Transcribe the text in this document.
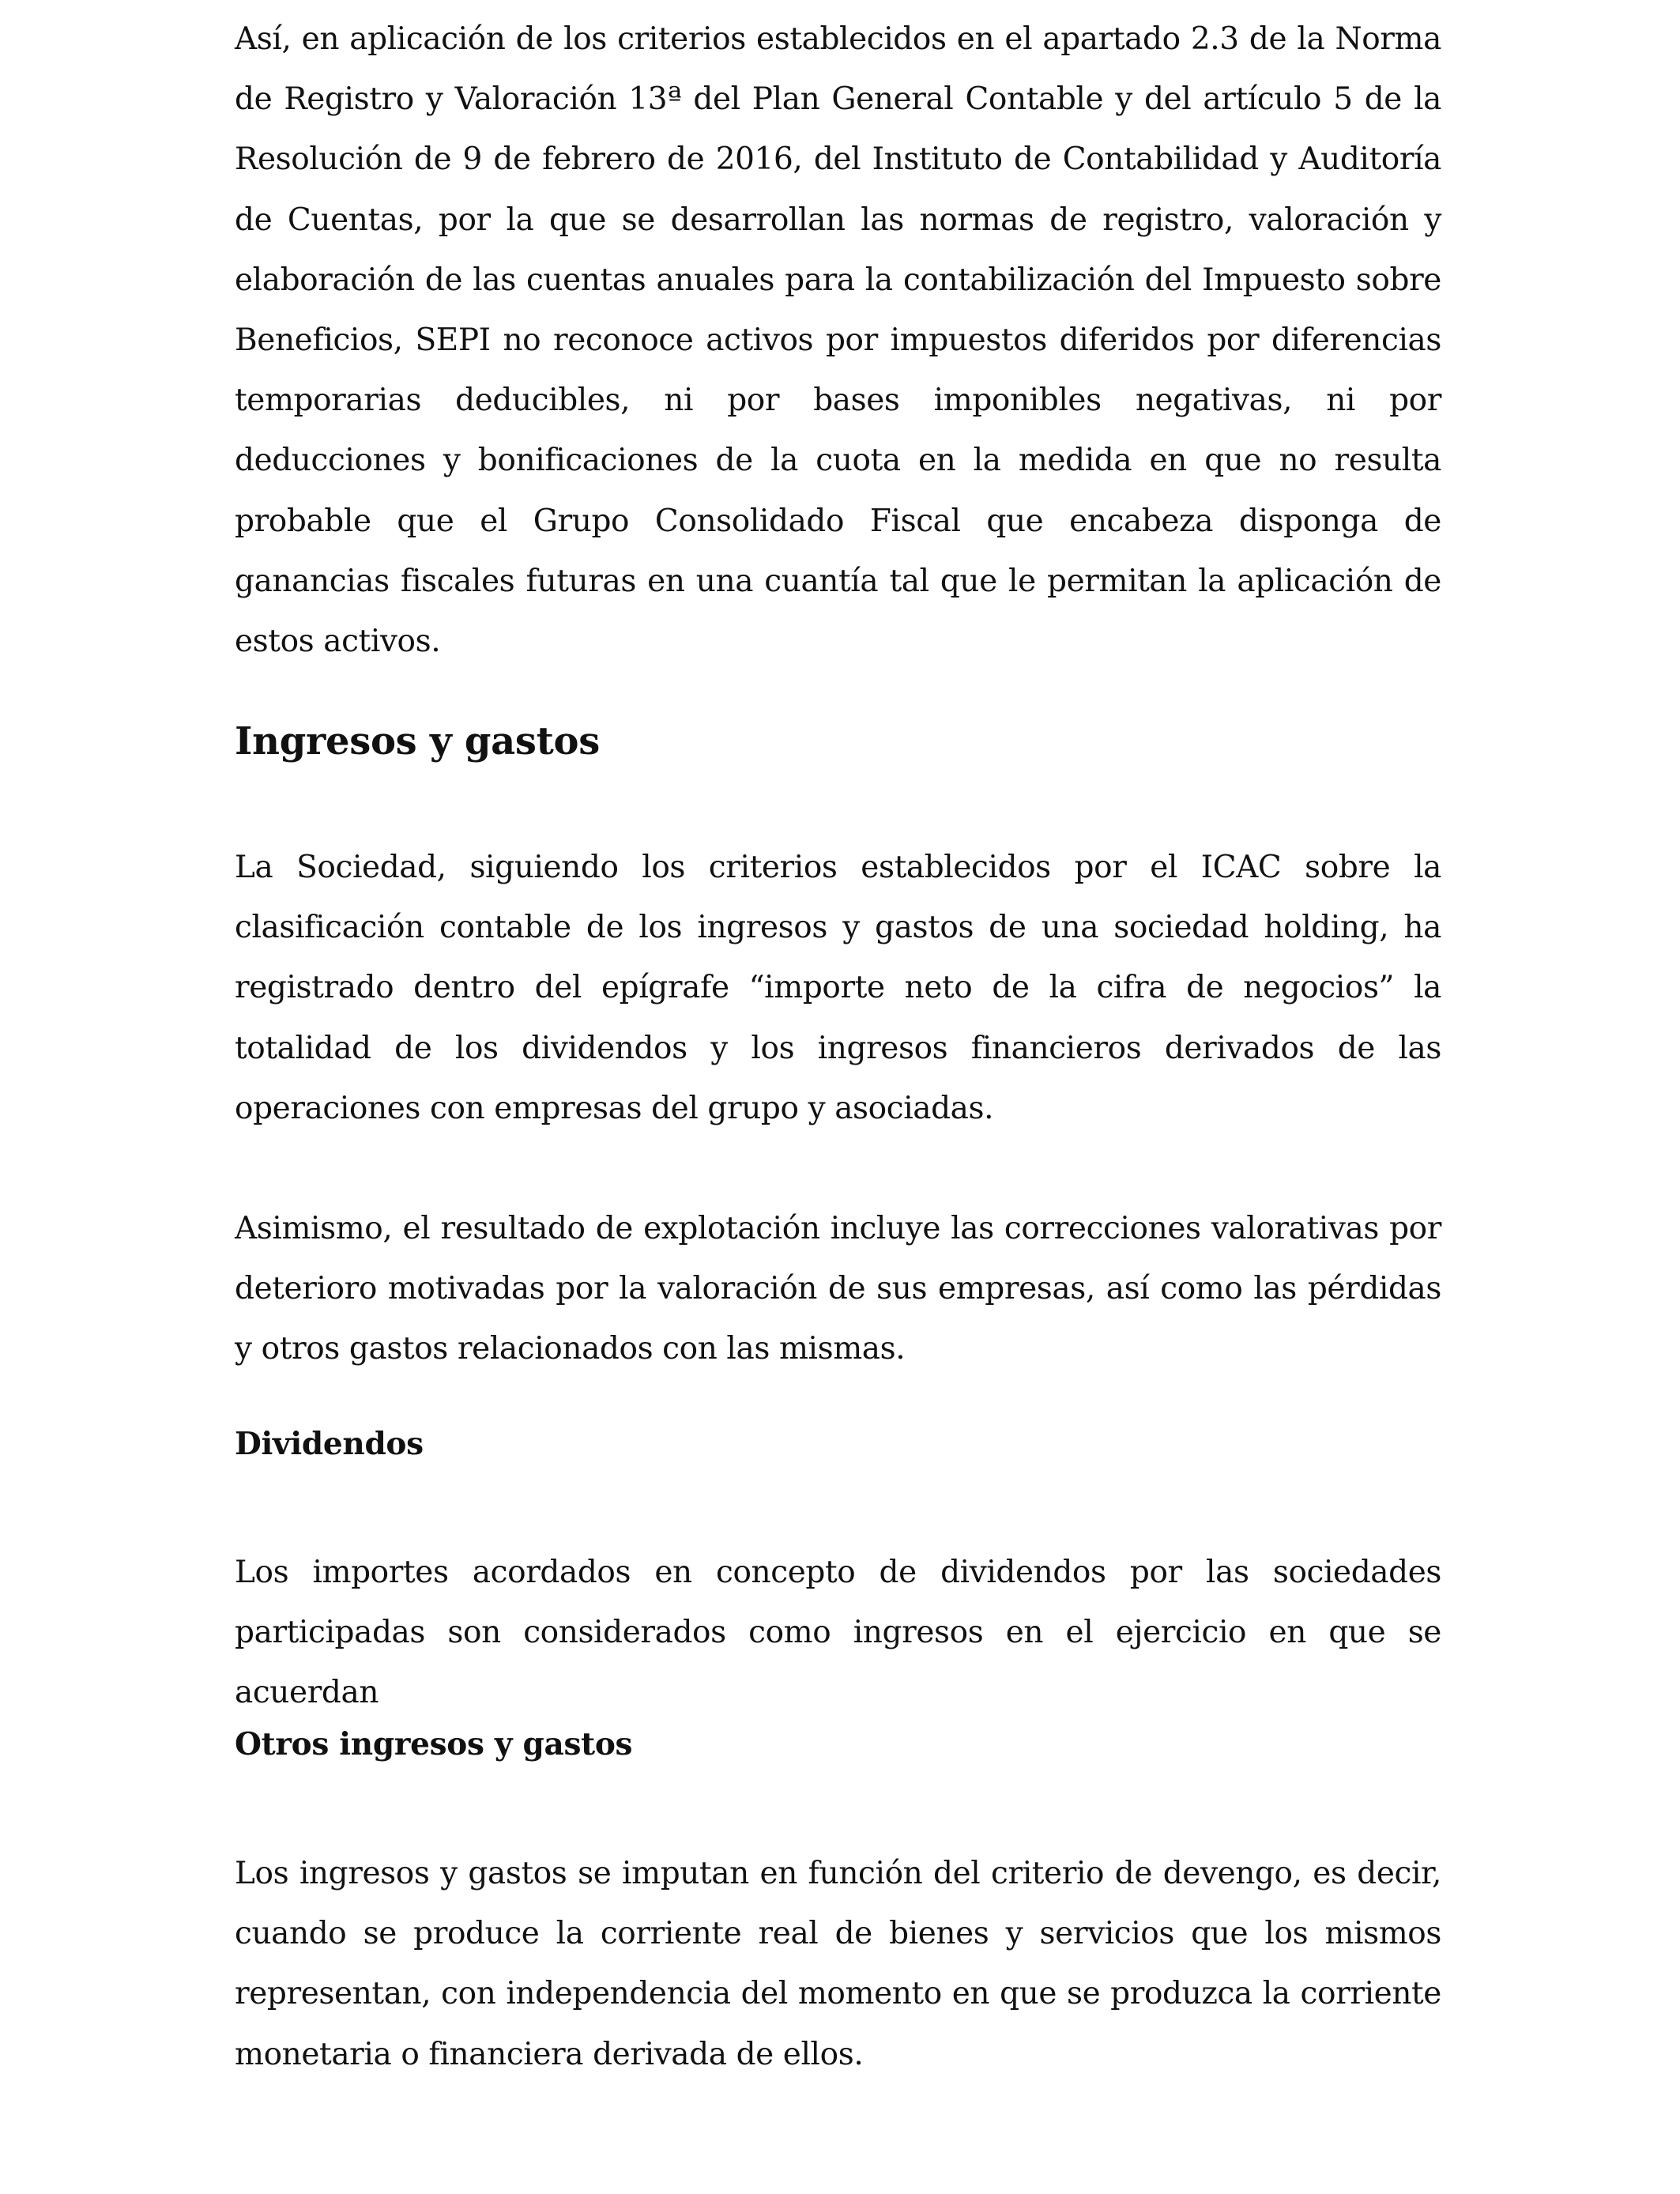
Así, en aplicación de los criterios establecidos en el apartado 2.3 de la Norma de Registro y Valoración 13ª del Plan General Contable y del artículo 5 de la Resolución de 9 de febrero de 2016, del Instituto de Contabilidad y Auditoría de Cuentas, por la que se desarrollan las normas de registro, valoración y elaboración de las cuentas anuales para la contabilización del Impuesto sobre Beneficios, SEPI no reconoce activos por impuestos diferidos por diferencias temporarias deducibles, ni por bases imponibles negativas, ni por deducciones y bonificaciones de la cuota en la medida en que no resulta probable que el Grupo Consolidado Fiscal que encabeza disponga de ganancias fiscales futuras en una cuantía tal que le permitan la aplicación de estos activos.

Ingresos y gastos

La Sociedad, siguiendo los criterios establecidos por el ICAC sobre la clasificación contable de los ingresos y gastos de una sociedad holding, ha registrado dentro del epígrafe “importe neto de la cifra de negocios” la totalidad de los dividendos y los ingresos financieros derivados de las operaciones con empresas del grupo y asociadas.

Asimismo, el resultado de explotación incluye las correcciones valorativas por deterioro motivadas por la valoración de sus empresas, así como las pérdidas y otros gastos relacionados con las mismas.

Dividendos

Los importes acordados en concepto de dividendos por las sociedades participadas son considerados como ingresos en el ejercicio en que se acuerdan

Otros ingresos y gastos

Los ingresos y gastos se imputan en función del criterio de devengo, es decir, cuando se produce la corriente real de bienes y servicios que los mismos representan, con independencia del momento en que se produzca la corriente monetaria o financiera derivada de ellos.
